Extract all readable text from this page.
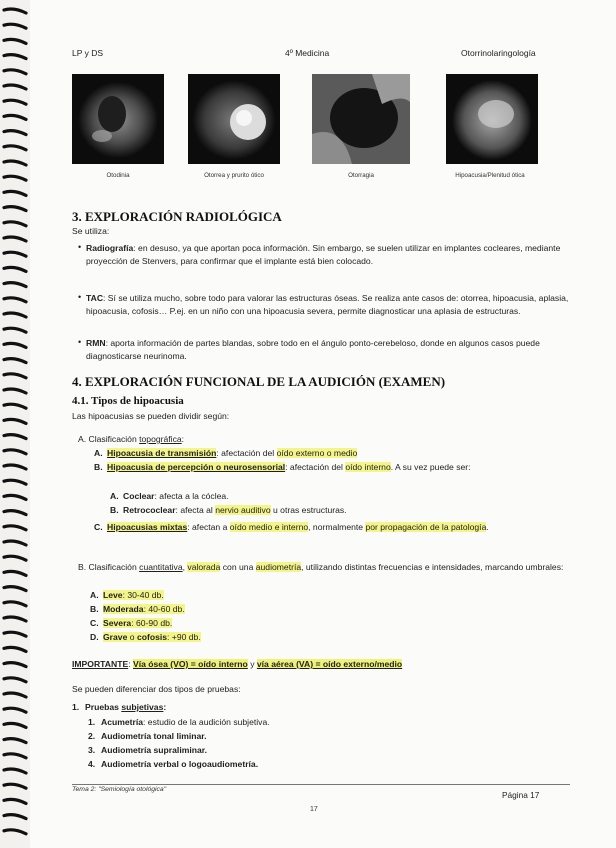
LP y DS	4º Medicina	Otorrinolaringología
Otodinia	Otorrea y prurito ótico	Otorragia	Hipoacusia/Plenitud ótica
3. EXPLORACIÓN RADIOLÓGICA
Se utiliza:
• Radiografía: en desuso, ya que aportan poca información. Sin embargo, se suelen utilizar en implantes cocleares, mediante proyección de Stenvers, para confirmar que el implante está bien colocado.
• TAC: Sí se utiliza mucho, sobre todo para valorar las estructuras óseas. Se realiza ante casos de: otorrea, hipoacusia, aplasia, hipoacusia, cofosis… P.ej. en un niño con una hipoacusia severa, permite diagnosticar una aplasia de estructuras.
• RMN: aporta información de partes blandas, sobre todo en el ángulo ponto-cerebeloso, donde en algunos casos puede diagnosticarse neurinoma.
4. EXPLORACIÓN FUNCIONAL DE LA AUDICIÓN (EXAMEN)
4.1. Tipos de hipoacusia
Las hipoacusias se pueden dividir según:
A. Clasificación topográfica:
A. Hipoacusia de transmisión: afectación del oído externo o medio
B. Hipoacusia de percepción o neurosensorial: afectación del oído interno. A su vez puede ser:
A. Coclear: afecta a la cóclea.
B. Retrococlear: afecta al nervio auditivo u otras estructuras.
C. Hipoacusias mixtas: afectan a oído medio e interno, normalmente por propagación de la patología.
B. Clasificación cuantitativa, valorada con una audiometría, utilizando distintas frecuencias e intensidades, marcando umbrales:
A. Leve: 30-40 db.
B. Moderada: 40-60 db.
C. Severa: 60-90 db.
D. Grave o cofosis: +90 db.
IMPORTANTE: Vía ósea (VO) = oído interno y vía aérea (VA) = oído externo/medio
Se pueden diferenciar dos tipos de pruebas:
1. Pruebas subjetivas:
1. Acumetría: estudio de la audición subjetiva.
2. Audiometría tonal liminar.
3. Audiometría supraliminar.
4. Audiometría verbal o logoaudiometría.
Tema 2: "Semiología otológica"
Página 17
17
